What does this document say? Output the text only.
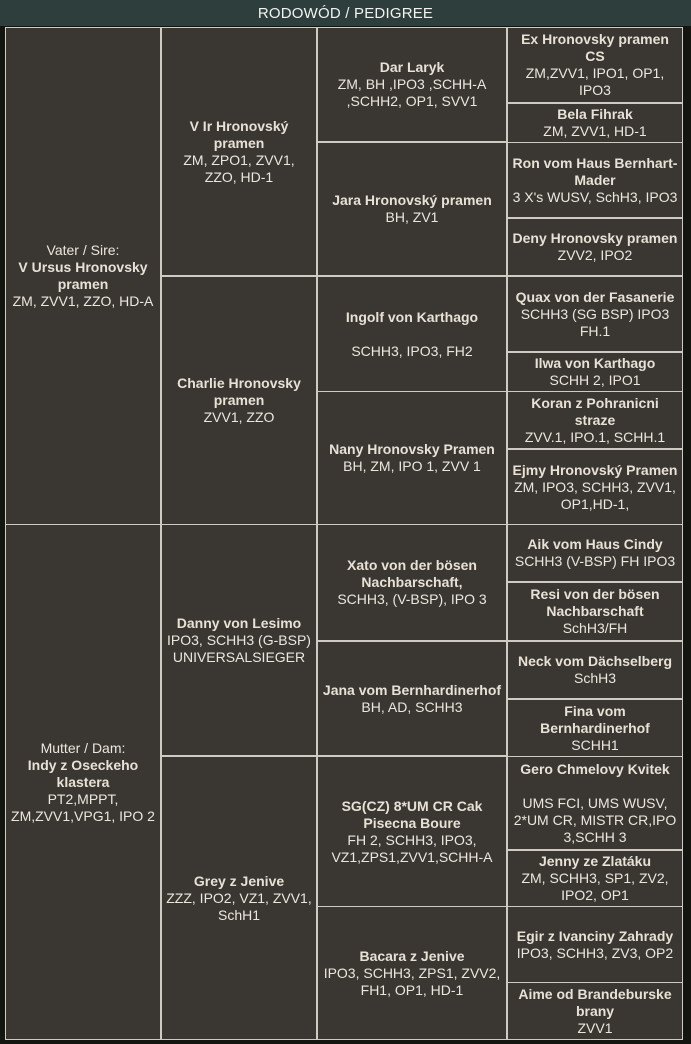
RODOWÓD / PEDIGREE
Vater / Sire:
V Ursus Hronovsky pramen
ZM, ZVV1, ZZO, HD-A
Mutter / Dam:
Indy z Oseckeho klastera
PT2,MPPT, ZM,ZVV1,VPG1, IPO 2
V Ir Hronovský pramen
ZM, ZPO1, ZVV1, ZZO, HD-1
Charlie Hronovsky pramen
ZVV1, ZZO
Danny von Lesimo
IPO3, SCHH3 (G-BSP) UNIVERSALSIEGER
Grey z Jenive
ZZZ, IPO2, VZ1, ZVV1, SchH1
Dar Laryk
ZM, BH ,IPO3 ,SCHH-A ,SCHH2, OP1, SVV1
Jara Hronovský pramen
BH, ZV1
Ingolf von Karthago
SCHH3, IPO3, FH2
Nany Hronovsky Pramen
BH, ZM, IPO 1, ZVV 1
Xato von der bösen Nachbarschaft,
SCHH3, (V-BSP), IPO 3
Jana vom Bernhardinerhof
BH, AD, SCHH3
SG(CZ) 8*UM CR Cak Pisecna Boure
FH 2, SCHH3, IPO3, VZ1,ZPS1,ZVV1,SCHH-A
Bacara z Jenive
IPO3, SCHH3, ZPS1, ZVV2, FH1, OP1, HD-1
Ex Hronovsky pramen CS
ZM,ZVV1, IPO1, OP1, IPO3
Bela Fihrak
ZM, ZVV1, HD-1
Ron vom Haus Bernhart-Mader
3 X's WUSV, SchH3, IPO3
Deny Hronovsky pramen
ZVV2, IPO2
Quax von der Fasanerie
SCHH3 (SG BSP) IPO3 FH.1
Ilwa von Karthago
SCHH 2, IPO1
Koran z Pohranicni straze
ZVV.1, IPO.1, SCHH.1
Ejmy Hronovský Pramen
ZM, IPO3, SCHH3, ZVV1, OP1,HD-1,
Aik vom Haus Cindy
SCHH3 (V-BSP) FH IPO3
Resi von der bösen Nachbarschaft
SchH3/FH
Neck vom Dächselberg
SchH3
Fina vom Bernhardinerhof
SCHH1
Gero Chmelovy Kvitek
UMS FCI, UMS WUSV, 2*UM CR, MISTR CR,IPO 3,SCHH 3
Jenny ze Zlatáku
ZM, SCHH3, SP1, ZV2, IPO2, OP1
Egir z Ivanciny Zahrady
IPO3, SCHH3, ZV3, OP2
Aime od Brandeburske brany
ZVV1
